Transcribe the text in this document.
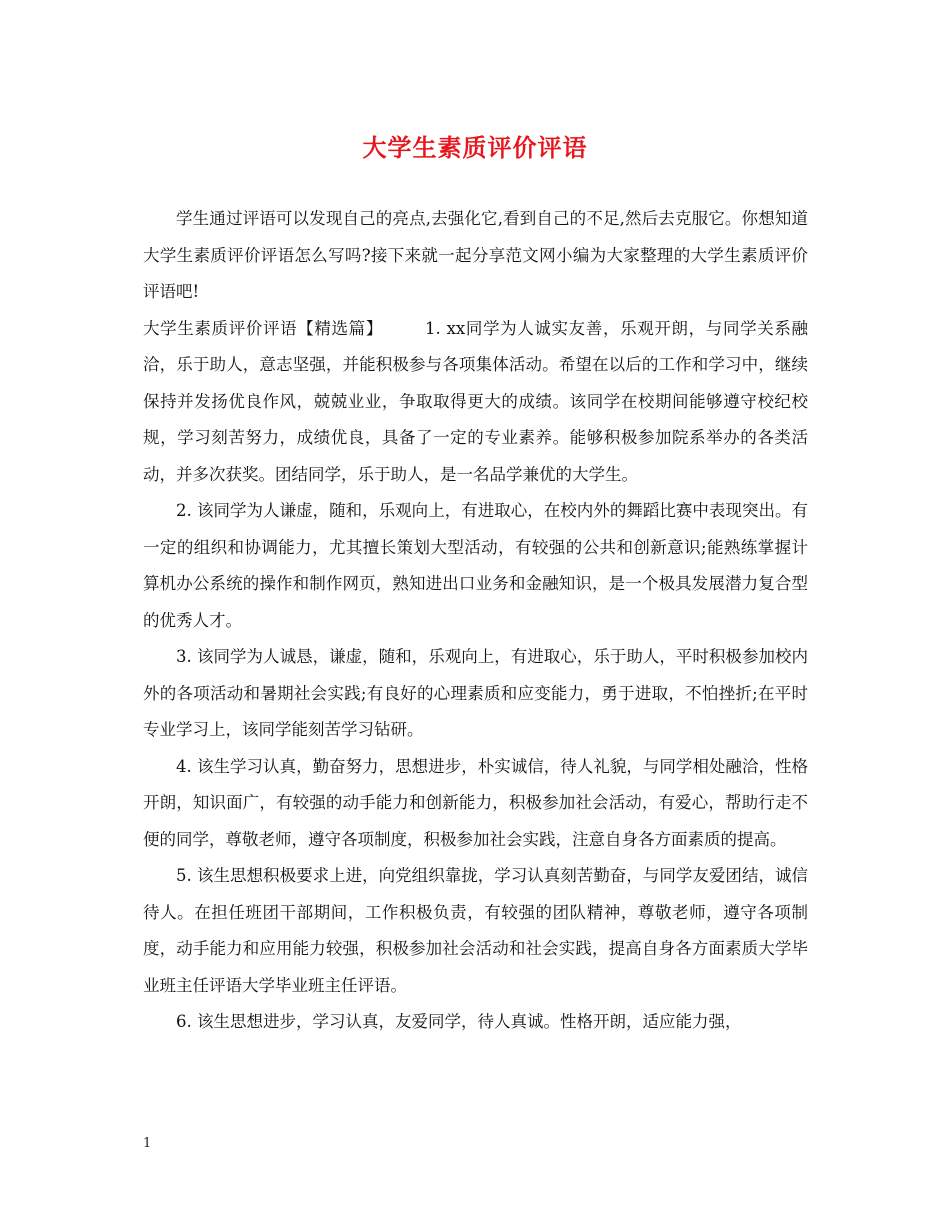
大学生素质评价评语

学生通过评语可以发现自己的亮点,去强化它,看到自己的不足,然后去克服它。你想知道大学生素质评价评语怎么写吗?接下来就一起分享范文网小编为大家整理的大学生素质评价评语吧!

大学生素质评价评语【精选篇】	1. xx同学为人诚实友善，乐观开朗，与同学关系融洽，乐于助人，意志坚强，并能积极参与各项集体活动。希望在以后的工作和学习中，继续保持并发扬优良作风，兢兢业业，争取取得更大的成绩。该同学在校期间能够遵守校纪校规，学习刻苦努力，成绩优良，具备了一定的专业素养。能够积极参加院系举办的各类活动，并多次获奖。团结同学，乐于助人，是一名品学兼优的大学生。

2. 该同学为人谦虚，随和，乐观向上，有进取心，在校内外的舞蹈比赛中表现突出。有一定的组织和协调能力，尤其擅长策划大型活动，有较强的公共和创新意识;能熟练掌握计算机办公系统的操作和制作网页，熟知进出口业务和金融知识，是一个极具发展潜力复合型的优秀人才。

3. 该同学为人诚恳，谦虚，随和，乐观向上，有进取心，乐于助人，平时积极参加校内外的各项活动和暑期社会实践;有良好的心理素质和应变能力，勇于进取，不怕挫折;在平时专业学习上，该同学能刻苦学习钻研。

4. 该生学习认真，勤奋努力，思想进步，朴实诚信，待人礼貌，与同学相处融洽，性格开朗，知识面广，有较强的动手能力和创新能力，积极参加社会活动，有爱心，帮助行走不便的同学，尊敬老师，遵守各项制度，积极参加社会实践，注意自身各方面素质的提高。

5. 该生思想积极要求上进，向党组织靠拢，学习认真刻苦勤奋，与同学友爱团结，诚信待人。在担任班团干部期间，工作积极负责，有较强的团队精神，尊敬老师，遵守各项制度，动手能力和应用能力较强，积极参加社会活动和社会实践，提高自身各方面素质大学毕业班主任评语大学毕业班主任评语。

6. 该生思想进步，学习认真，友爱同学，待人真诚。性格开朗，适应能力强，

1
